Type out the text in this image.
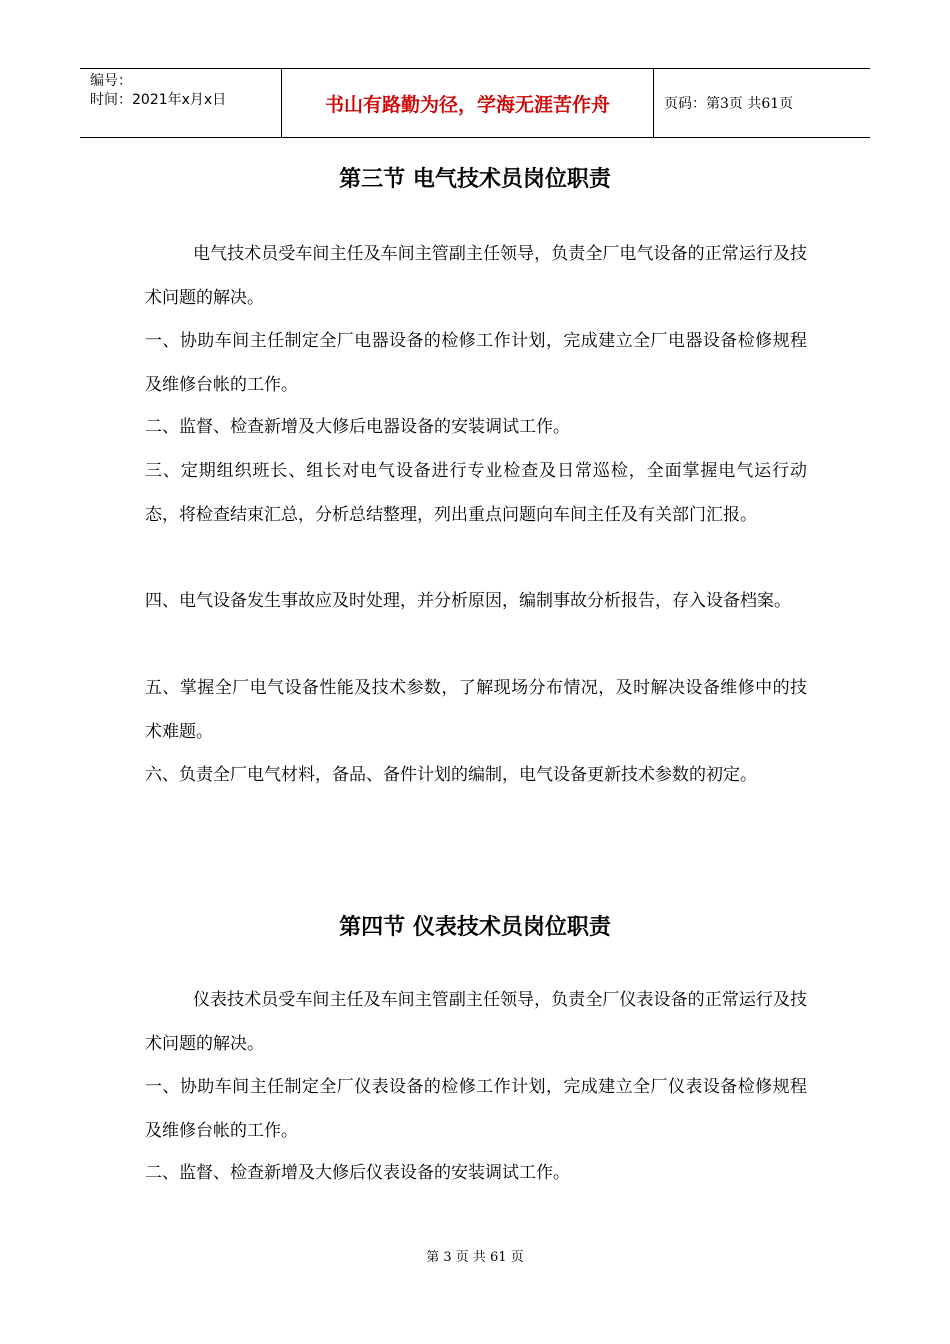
编号：
时间：2021年x月x日	书山有路勤为径，学海无涯苦作舟	页码：第3页 共61页
第三节 电气技术员岗位职责

电气技术员受车间主任及车间主管副主任领导，负责全厂电气设备的正常运行及技术问题的解决。

一、协助车间主任制定全厂电器设备的检修工作计划，完成建立全厂电器设备检修规程及维修台帐的工作。

二、监督、检查新增及大修后电器设备的安装调试工作。

三、定期组织班长、组长对电气设备进行专业检查及日常巡检，全面掌握电气运行动态，将检查结束汇总，分析总结整理，列出重点问题向车间主任及有关部门汇报。

四、电气设备发生事故应及时处理，并分析原因，编制事故分析报告，存入设备档案。

五、掌握全厂电气设备性能及技术参数，了解现场分布情况，及时解决设备维修中的技术难题。

六、负责全厂电气材料，备品、备件计划的编制，电气设备更新技术参数的初定。

第四节 仪表技术员岗位职责

仪表技术员受车间主任及车间主管副主任领导，负责全厂仪表设备的正常运行及技术问题的解决。

一、协助车间主任制定全厂仪表设备的检修工作计划，完成建立全厂仪表设备检修规程及维修台帐的工作。

二、监督、检查新增及大修后仪表设备的安装调试工作。

第 3 页 共 61 页
